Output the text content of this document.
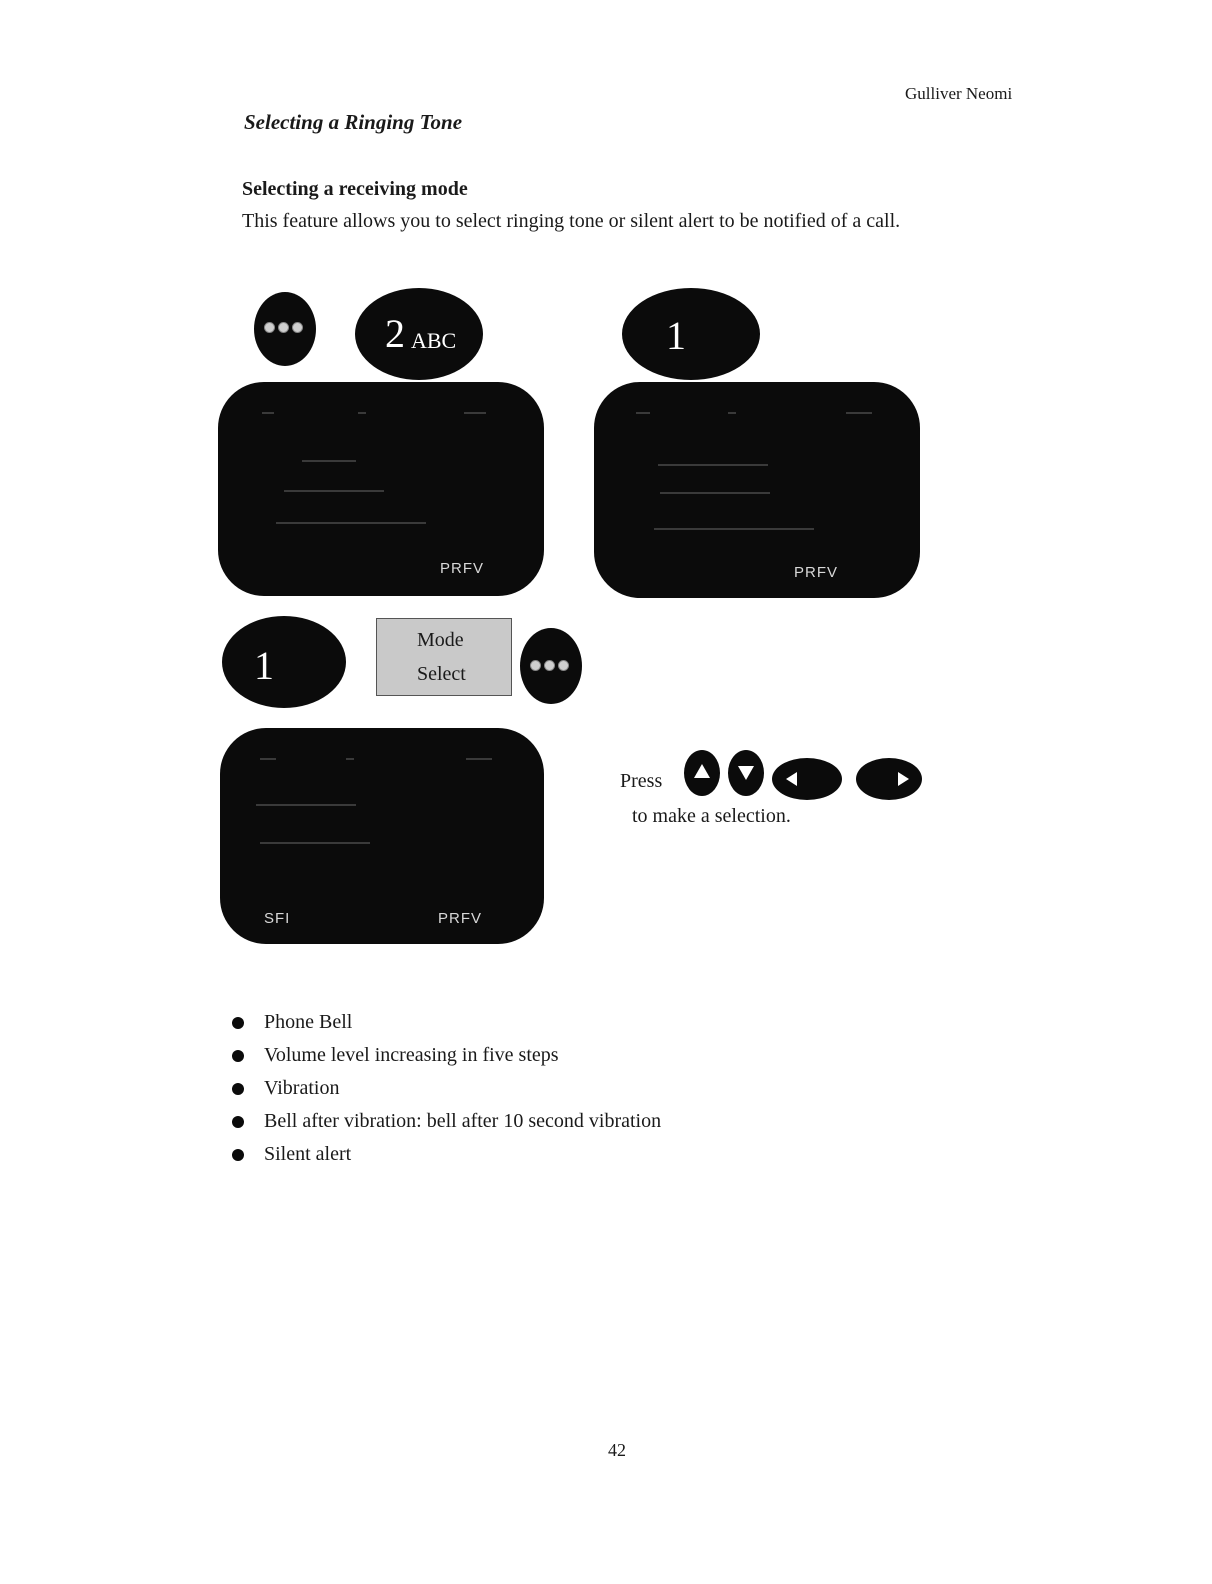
Gulliver Neomi
Selecting a Ringing Tone
Selecting a receiving mode
This feature allows you to select ringing tone or silent alert to be notified of a call.
2 ABC	1
PRFV	PRFV
1
Mode
Select
SFI	PRFV
Press
to make a selection.
Phone Bell
Volume level increasing in five steps
Vibration
Bell after vibration: bell after 10 second vibration
Silent alert
42
